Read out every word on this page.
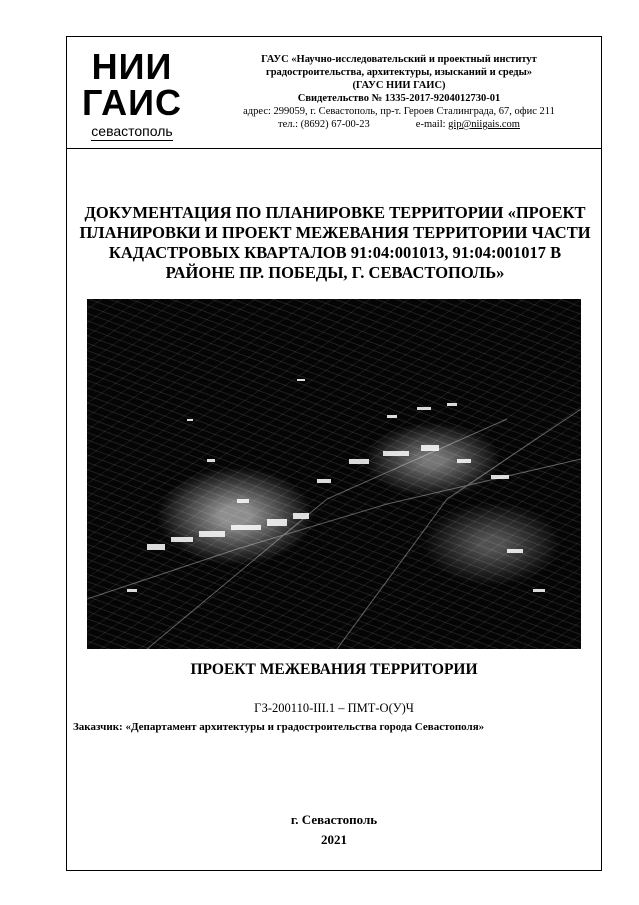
НИИ
ГАИС
севастополь
ГАУС «Научно-исследовательский и проектный институт
градостроительства, архитектуры, изысканий и среды»
(ГАУС НИИ ГАИС)
Свидетельство № 1335-2017-9204012730-01
адрес: 299059, г. Севастополь, пр-т. Героев Сталинграда, 67, офис 211
тел.: (8692) 67-00-23	e-mail: gip@niigais.com
ДОКУМЕНТАЦИЯ ПО ПЛАНИРОВКЕ ТЕРРИТОРИИ «ПРОЕКТ ПЛАНИРОВКИ И ПРОЕКТ МЕЖЕВАНИЯ ТЕРРИТОРИИ ЧАСТИ КАДАСТРОВЫХ КВАРТАЛОВ 91:04:001013, 91:04:001017 В РАЙОНЕ ПР. ПОБЕДЫ, Г. СЕВАСТОПОЛЬ»
ПРОЕКТ МЕЖЕВАНИЯ ТЕРРИТОРИИ
ГЗ-200110-III.1 – ПМТ-О(У)Ч
Заказчик: «Департамент архитектуры и градостроительства города Севастополя»
г. Севастополь
2021
